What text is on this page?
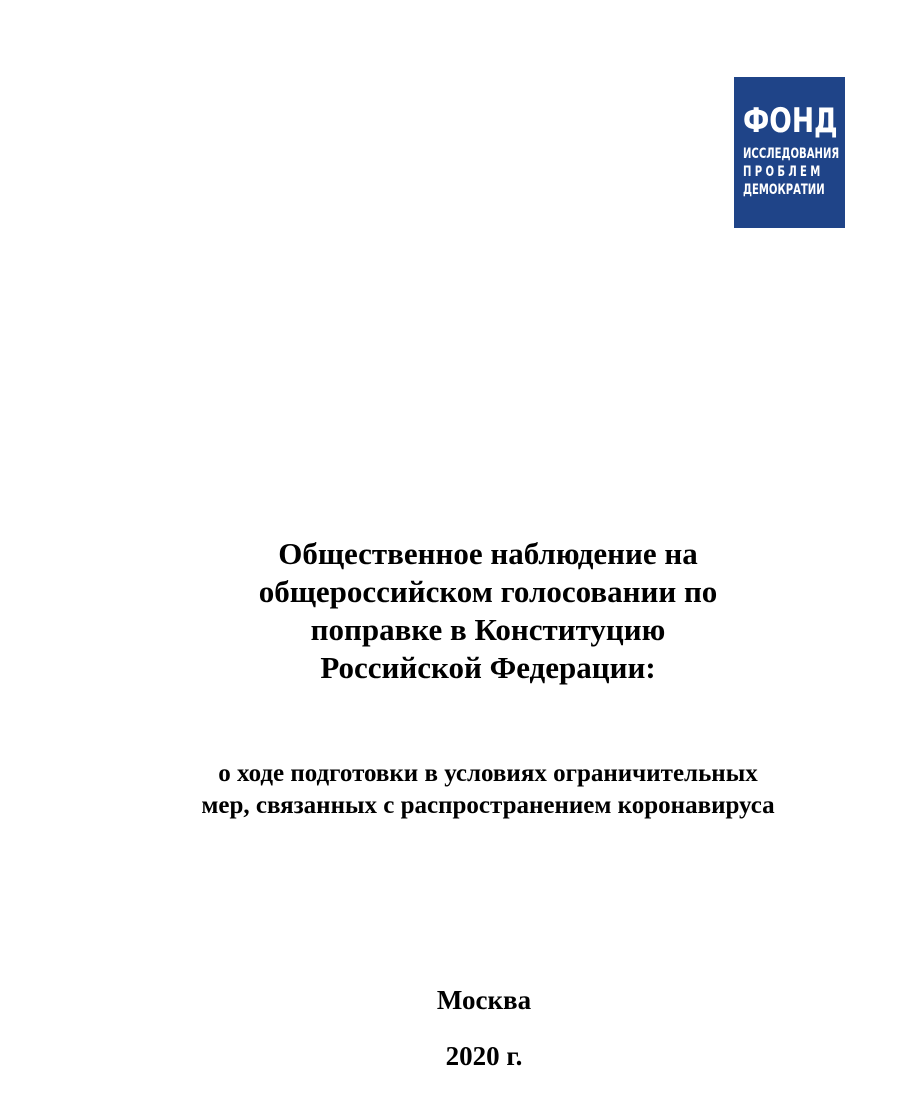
ФОНД
ИССЛЕДОВАНИЯ
ПРОБЛЕМ
ДЕМОКРАТИИ
Общественное наблюдение на
общероссийском голосовании по
поправке в Конституцию
Российской Федерации:
о ходе подготовки в условиях ограничительных
мер, связанных с распространением коронавируса
Москва
2020 г.
